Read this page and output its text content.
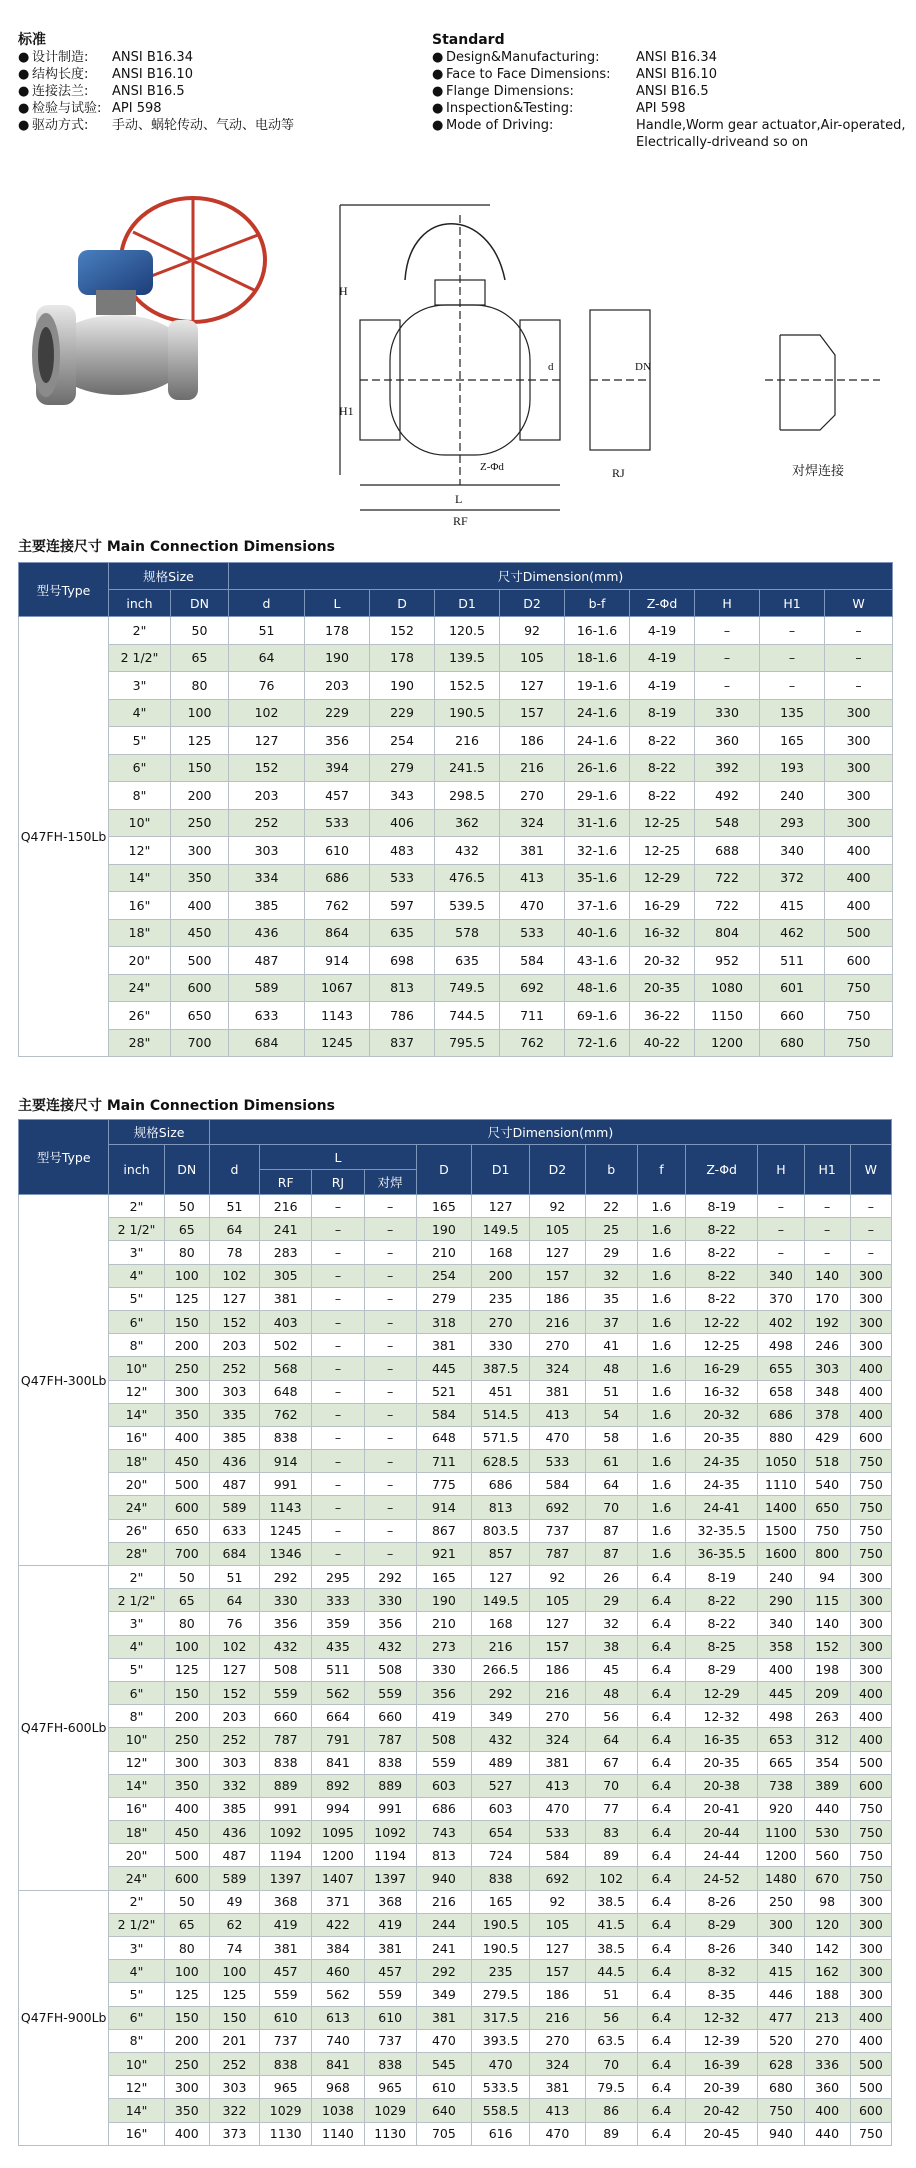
标准
● 设计制造:	ANSI B16.34
● 结构长度:	ANSI B16.10
● 连接法兰:	ANSI B16.5
● 检验与试验: API 598
● 驱动方式:	手动、蜗轮传动、气动、电动等
Standard
● Design&Manufacturing:	ANSI B16.34
● Face to Face Dimensions:	ANSI B16.10
● Flange Dimensions:	ANSI B16.5
● Inspection&Testing:	API 598
● Mode of Driving:	Handle,Worm gear actuator,Air-operated, Electrically-driveand so on
H
H1
L
RF
RJ	对焊连接
Z-Φd
d	DN
主要连接尺寸 Main Connection Dimensions
型号Type	规格Size		尺寸Dimension(mm)									
	inch	DN	d	L	D	D1	D2	b-f	Z-Φd	H	H1	W
Q47FH-150Lb	2"	50	51	178	152	120.5	92	16-1.6	4-19	–	–	–
	2 1/2"	65	64	190	178	139.5	105	18-1.6	4-19	–	–	–
	3"	80	76	203	190	152.5	127	19-1.6	4-19	–	–	–
	4"	100	102	229	229	190.5	157	24-1.6	8-19	330	135	300
	5"	125	127	356	254	216	186	24-1.6	8-22	360	165	300
	6"	150	152	394	279	241.5	216	26-1.6	8-22	392	193	300
	8"	200	203	457	343	298.5	270	29-1.6	8-22	492	240	300
	10"	250	252	533	406	362	324	31-1.6	12-25	548	293	300
	12"	300	303	610	483	432	381	32-1.6	12-25	688	340	400
	14"	350	334	686	533	476.5	413	35-1.6	12-29	722	372	400
	16"	400	385	762	597	539.5	470	37-1.6	16-29	722	415	400
	18"	450	436	864	635	578	533	40-1.6	16-32	804	462	500
	20"	500	487	914	698	635	584	43-1.6	20-32	952	511	600
	24"	600	589	1067	813	749.5	692	48-1.6	20-35	1080	601	750
	26"	650	633	1143	786	744.5	711	69-1.6	36-22	1150	660	750
	28"	700	684	1245	837	795.5	762	72-1.6	40-22	1200	680	750
主要连接尺寸 Main Connection Dimensions
型号Type	规格Size		尺寸Dimension(mm)												
	inch	DN	d	L			D	D1	D2	b	f	Z-Φd	H	H1	W
				RF	RJ	对焊									
Q47FH-300Lb	2"	50	51	216	–	–	165	127	92	22	1.6	8-19	–	–	–
	2 1/2"	65	64	241	–	–	190	149.5	105	25	1.6	8-22	–	–	–
	3"	80	78	283	–	–	210	168	127	29	1.6	8-22	–	–	–
	4"	100	102	305	–	–	254	200	157	32	1.6	8-22	340	140	300
	5"	125	127	381	–	–	279	235	186	35	1.6	8-22	370	170	300
	6"	150	152	403	–	–	318	270	216	37	1.6	12-22	402	192	300
	8"	200	203	502	–	–	381	330	270	41	1.6	12-25	498	246	300
	10"	250	252	568	–	–	445	387.5	324	48	1.6	16-29	655	303	400
	12"	300	303	648	–	–	521	451	381	51	1.6	16-32	658	348	400
	14"	350	335	762	–	–	584	514.5	413	54	1.6	20-32	686	378	400
	16"	400	385	838	–	–	648	571.5	470	58	1.6	20-35	880	429	600
	18"	450	436	914	–	–	711	628.5	533	61	1.6	24-35	1050	518	750
	20"	500	487	991	–	–	775	686	584	64	1.6	24-35	1110	540	750
	24"	600	589	1143	–	–	914	813	692	70	1.6	24-41	1400	650	750
	26"	650	633	1245	–	–	867	803.5	737	87	1.6	32-35.5	1500	750	750
	28"	700	684	1346	–	–	921	857	787	87	1.6	36-35.5	1600	800	750
Q47FH-600Lb	2"	50	51	292	295	292	165	127	92	26	6.4	8-19	240	94	300
	2 1/2"	65	64	330	333	330	190	149.5	105	29	6.4	8-22	290	115	300
	3"	80	76	356	359	356	210	168	127	32	6.4	8-22	340	140	300
	4"	100	102	432	435	432	273	216	157	38	6.4	8-25	358	152	300
	5"	125	127	508	511	508	330	266.5	186	45	6.4	8-29	400	198	300
	6"	150	152	559	562	559	356	292	216	48	6.4	12-29	445	209	400
	8"	200	203	660	664	660	419	349	270	56	6.4	12-32	498	263	400
	10"	250	252	787	791	787	508	432	324	64	6.4	16-35	653	312	400
	12"	300	303	838	841	838	559	489	381	67	6.4	20-35	665	354	500
	14"	350	332	889	892	889	603	527	413	70	6.4	20-38	738	389	600
	16"	400	385	991	994	991	686	603	470	77	6.4	20-41	920	440	750
	18"	450	436	1092	1095	1092	743	654	533	83	6.4	20-44	1100	530	750
	20"	500	487	1194	1200	1194	813	724	584	89	6.4	24-44	1200	560	750
	24"	600	589	1397	1407	1397	940	838	692	102	6.4	24-52	1480	670	750
Q47FH-900Lb	2"	50	49	368	371	368	216	165	92	38.5	6.4	8-26	250	98	300
	2 1/2"	65	62	419	422	419	244	190.5	105	41.5	6.4	8-29	300	120	300
	3"	80	74	381	384	381	241	190.5	127	38.5	6.4	8-26	340	142	300
	4"	100	100	457	460	457	292	235	157	44.5	6.4	8-32	415	162	300
	5"	125	125	559	562	559	349	279.5	186	51	6.4	8-35	446	188	300
	6"	150	150	610	613	610	381	317.5	216	56	6.4	12-32	477	213	400
	8"	200	201	737	740	737	470	393.5	270	63.5	6.4	12-39	520	270	400
	10"	250	252	838	841	838	545	470	324	70	6.4	16-39	628	336	500
	12"	300	303	965	968	965	610	533.5	381	79.5	6.4	20-39	680	360	500
	14"	350	322	1029	1038	1029	640	558.5	413	86	6.4	20-42	750	400	600
	16"	400	373	1130	1140	1130	705	616	470	89	6.4	20-45	940	440	750
